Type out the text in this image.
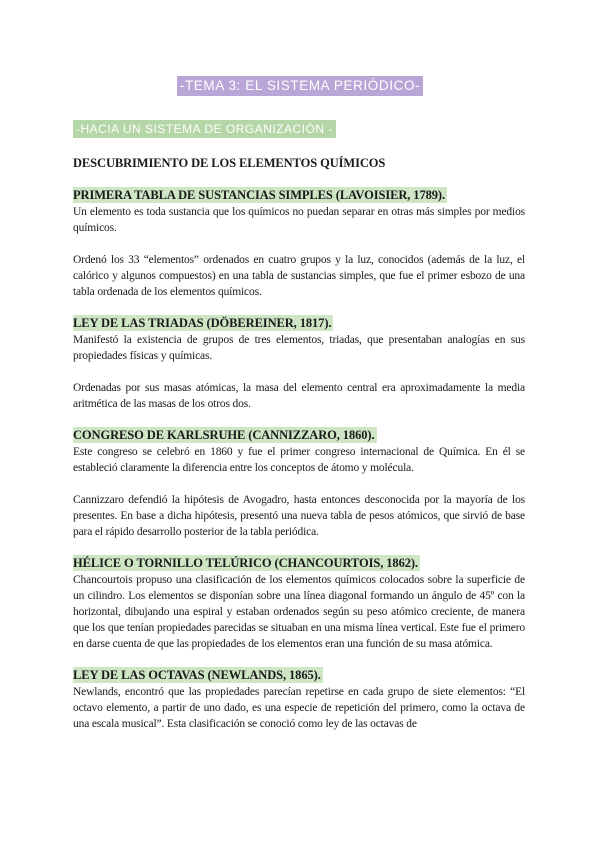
-TEMA 3: EL SISTEMA PERIÓDICO-
-HACIA UN SISTEMA DE ORGANIZACIÓN -

DESCUBRIMIENTO DE LOS ELEMENTOS QUÍMICOS

PRIMERA TABLA DE SUSTANCIAS SIMPLES (LAVOISIER, 1789).

Un elemento es toda sustancia que los químicos no puedan separar en otras más simples por medios químicos.

Ordenó los 33 “elementos” ordenados en cuatro grupos y la luz, conocidos (además de la luz, el calórico y algunos compuestos) en una tabla de sustancias simples, que fue el primer esbozo de una tabla ordenada de los elementos químicos.

LEY DE LAS TRIADAS (DÖBEREINER, 1817).

Manifestó la existencia de grupos de tres elementos, triadas, que presentaban analogías en sus propiedades físicas y químicas.

Ordenadas por sus masas atómicas, la masa del elemento central era aproximadamente la media aritmética de las masas de los otros dos.

CONGRESO DE KARLSRUHE (CANNIZZARO, 1860).

Este congreso se celebró en 1860 y fue el primer congreso internacional de Química. En él se estableció claramente la diferencia entre los conceptos de átomo y molécula.

Cannizzaro defendió la hipótesis de Avogadro, hasta entonces desconocida por la mayoría de los presentes. En base a dicha hipótesis, presentó una nueva tabla de pesos atómicos, que sirvió de base para el rápido desarrollo posterior de la tabla periódica.

HÉLICE O TORNILLO TELÚRICO (CHANCOURTOIS, 1862).

Chancourtois propuso una clasificación de los elementos químicos colocados sobre la superficie de un cilindro. Los elementos se disponían sobre una línea diagonal formando un ángulo de 45º con la horizontal, dibujando una espiral y estaban ordenados según su peso atómico creciente, de manera que los que tenían propiedades parecidas se situaban en una misma línea vertical. Este fue el primero en darse cuenta de que las propiedades de los elementos eran una función de su masa atómica.

LEY DE LAS OCTAVAS (NEWLANDS, 1865).

Newlands, encontró que las propiedades parecían repetirse en cada grupo de siete elementos: “El octavo elemento, a partir de uno dado, es una especie de repetición del primero, como la octava de una escala musical”. Esta clasificación se conoció como ley de las octavas de
